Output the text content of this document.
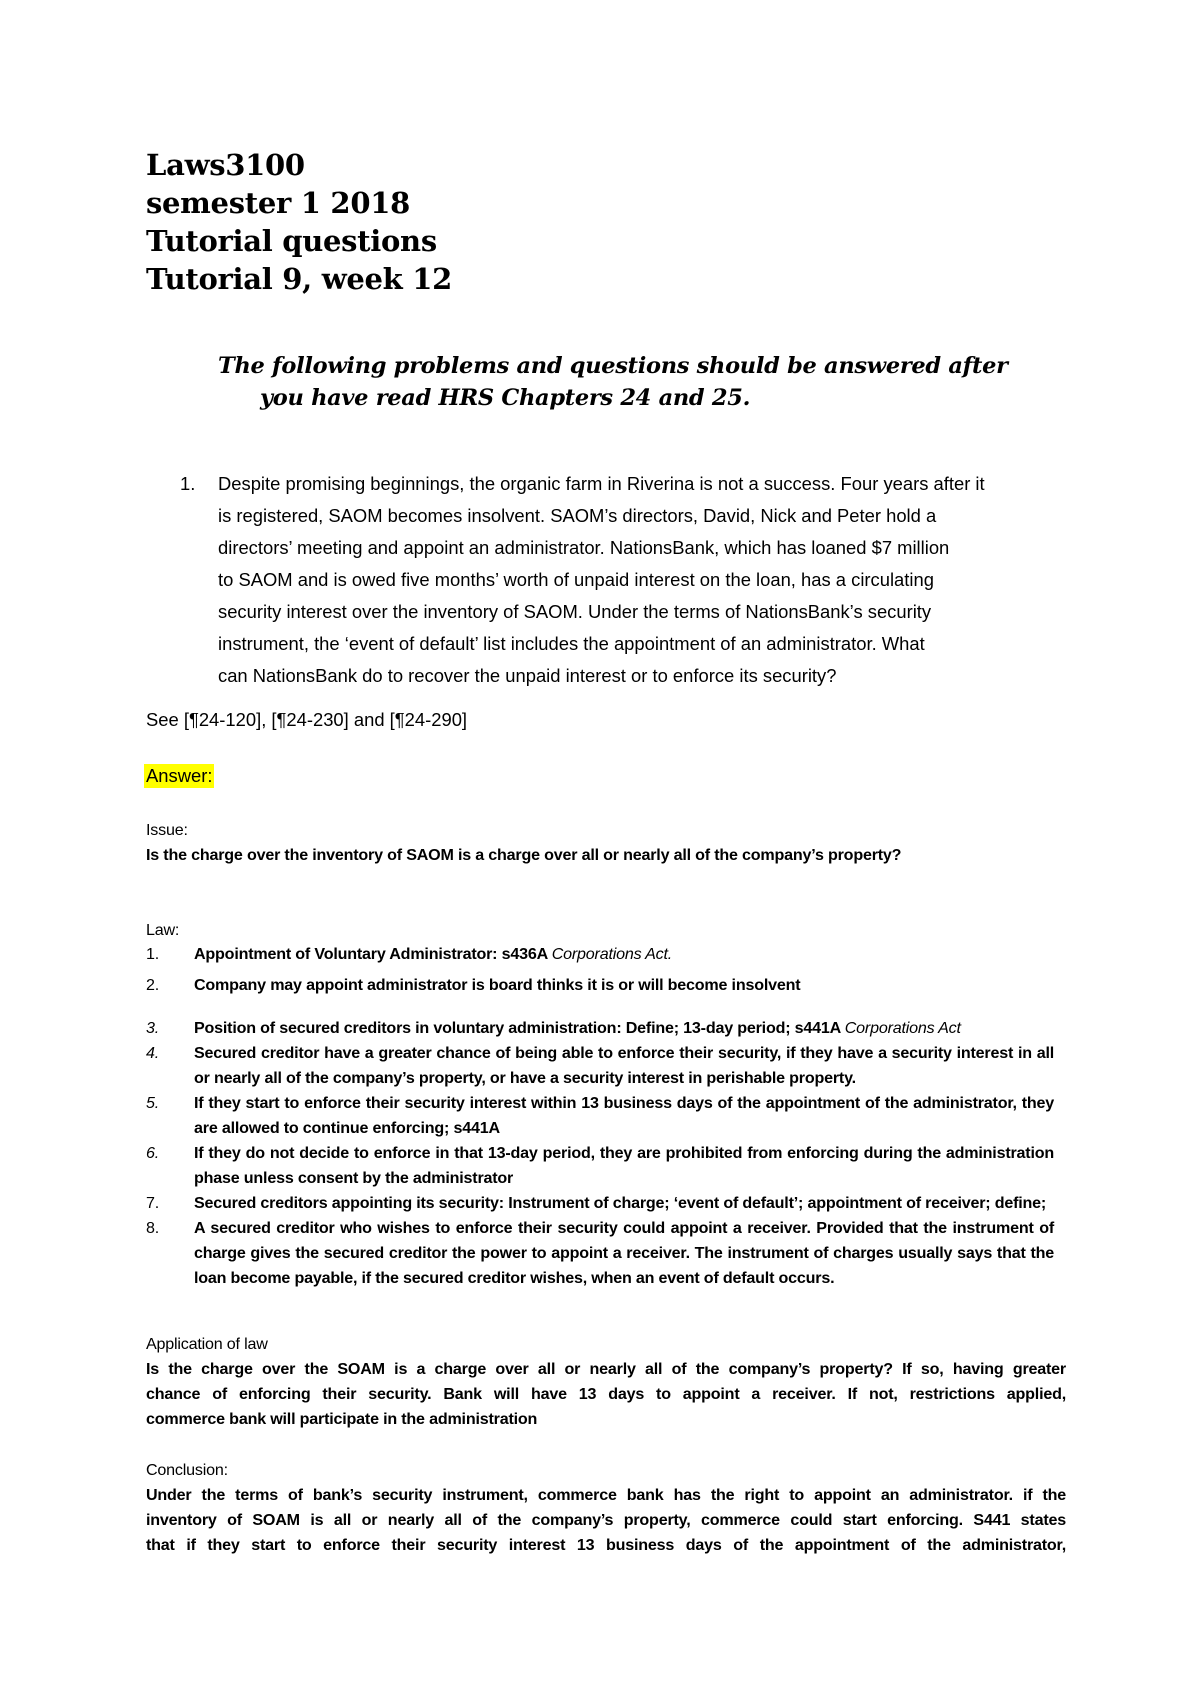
Laws3100
semester 1 2018
Tutorial questions
Tutorial 9, week 12
The following problems and questions should be answered after
you have read HRS Chapters 24 and 25.
1. Despite promising beginnings, the organic farm in Riverina is not a success. Four years after it
is registered, SAOM becomes insolvent. SAOM’s directors, David, Nick and Peter hold a
directors’ meeting and appoint an administrator. NationsBank, which has loaned $7 million
to SAOM and is owed five months’ worth of unpaid interest on the loan, has a circulating
security interest over the inventory of SAOM. Under the terms of NationsBank’s security
instrument, the ‘event of default’ list includes the appointment of an administrator. What
can NationsBank do to recover the unpaid interest or to enforce its security?
See [¶24-120], [¶24-230] and [¶24-290]
Answer:
Issue:
Is the charge over the inventory of SAOM is a charge over all or nearly all of the company’s property?
Law:
1. Appointment of Voluntary Administrator: s436A Corporations Act.
2. Company may appoint administrator is board thinks it is or will become insolvent
3. Position of secured creditors in voluntary administration: Define; 13-day period; s441A Corporations Act
4. Secured creditor have a greater chance of being able to enforce their security, if they have a security interest in all or nearly all of the company’s property, or have a security interest in perishable property.
5. If they start to enforce their security interest within 13 business days of the appointment of the administrator, they are allowed to continue enforcing; s441A
6. If they do not decide to enforce in that 13-day period, they are prohibited from enforcing during the administration phase unless consent by the administrator
7. Secured creditors appointing its security: Instrument of charge; ‘event of default’; appointment of receiver; define;
8. A secured creditor who wishes to enforce their security could appoint a receiver. Provided that the instrument of charge gives the secured creditor the power to appoint a receiver. The instrument of charges usually says that the loan become payable, if the secured creditor wishes, when an event of default occurs.
Application of law
Is the charge over the SOAM is a charge over all or nearly all of the company’s property? If so, having greater
chance of enforcing their security. Bank will have 13 days to appoint a receiver. If not, restrictions applied,
commerce bank will participate in the administration
Conclusion:
Under the terms of bank’s security instrument, commerce bank has the right to appoint an administrator. if the
inventory of SOAM is all or nearly all of the company’s property, commerce could start enforcing. S441 states
that if they start to enforce their security interest 13 business days of the appointment of the administrator,
